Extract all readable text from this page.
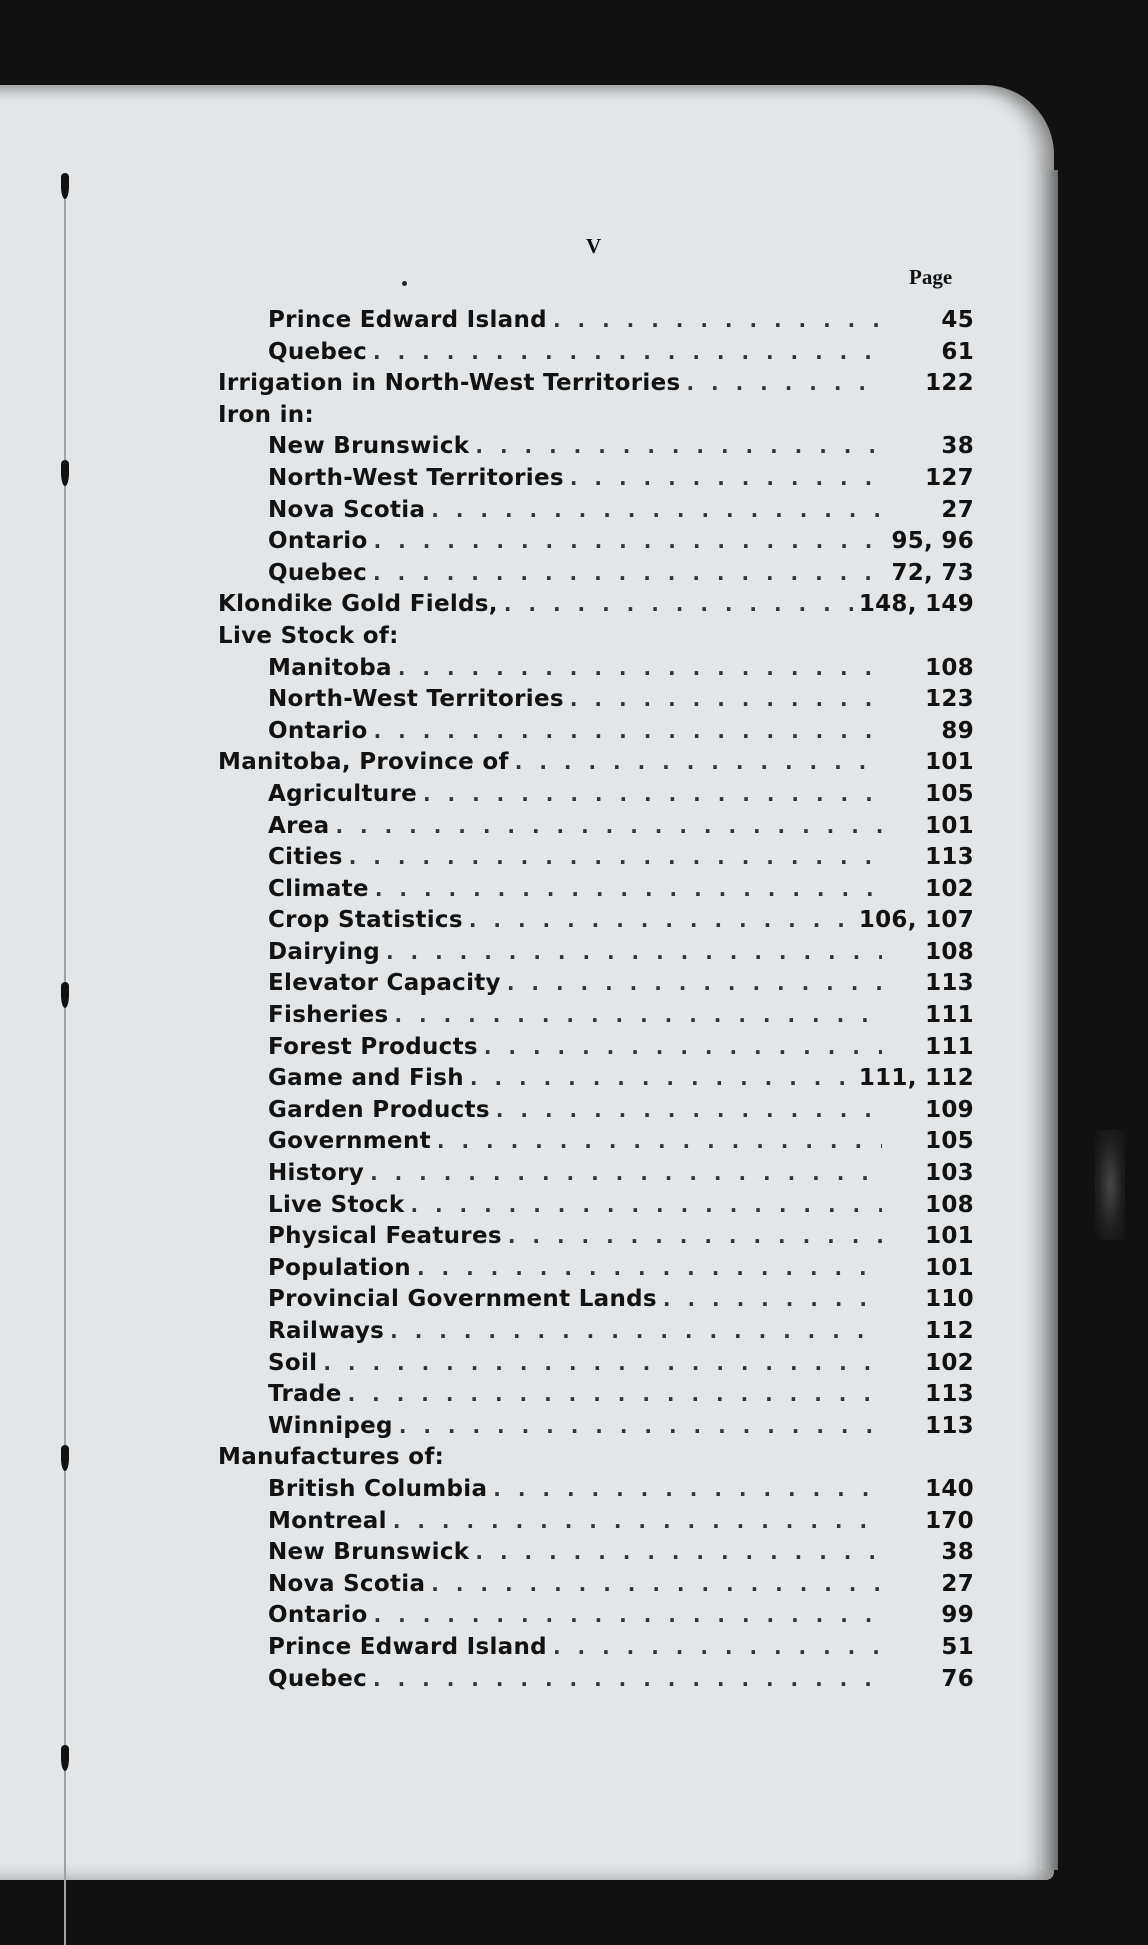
V
Page
Prince Edward Island . . .	45
Quebec . . .	61
Irrigation in North-West Territories . . .	122
Iron in:
New Brunswick . . .	38
North-West Territories . . .	127
Nova Scotia . . .	27
Ontario . . .	95, 96
Quebec . . .	72, 73
Klondike Gold Fields, . . .	148, 149
Live Stock of:
Manitoba . . .	108
North-West Territories . . .	123
Ontario . . .	89
Manitoba, Province of . . .	101
Agriculture . . .	105
Area . . .	101
Cities . . .	113
Climate . . .	102
Crop Statistics . . .	106, 107
Dairying . . .	108
Elevator Capacity . . .	113
Fisheries . . .	111
Forest Products . . .	111
Game and Fish . . .	111, 112
Garden Products . . .	109
Government . . .	105
History . . .	103
Live Stock . . .	108
Physical Features . . .	101
Population . . .	101
Provincial Government Lands . . .	110
Railways . . .	112
Soil . . .	102
Trade . . .	113
Winnipeg . . .	113
Manufactures of:
British Columbia . . .	140
Montreal . . .	170
New Brunswick . . .	38
Nova Scotia . . .	27
Ontario . . .	99
Prince Edward Island . . .	51
Quebec . . .	76
